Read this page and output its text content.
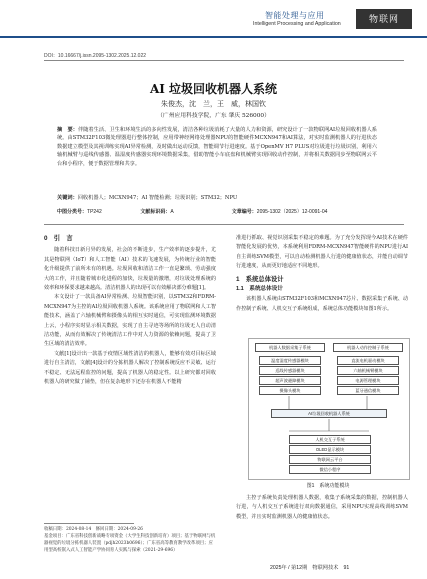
智能处理与应用
Intelligent Processing and Application	物联网
DOI：10.16667/j.issn.2095-1302.2025.12.022
AI 垃圾回收机器人系统
朱俊杰，沈　兰，王　威，林国钦
（广州应用科技学院，广东 肇庆 526000）
摘　要：伴随着生活、卫生和环境生活的多向性发展，清洁各种垃圾消耗了大量的人力和资源，研究设计了一款物联网AI垃圾回收机器人系统。由STM32F103微处理器进行整体控制，应用带神经网络处理器NPU的智能硬件MCXN947和AI算法，对实时监测机器人的行进状态数据建立模型及其视训练实现AI异常检测，及时做出运动反馈，智能调节行进速度。基于OpenMV H7 PLUS对垃圾进行垃圾识别，利用六轴机械臂与巡线传感器、温湿度传感器实现环境数据采集，借助智能小车底盘和机械臂实现回收动作控制，并将相关数据同步至物联网云平台和小程序，便于数据管理和共享。
关键词：回收机器人；MCXN947；AI 智能检测；垃圾识别；STM32；NPU
中图分类号：TP242	文献标识码：A	文章编号：2095-1302（2025）12-0091-04
0　引　言

随着科技日新月异的发展，社会的不断进步，生产效率的逐步提升，尤其是物联网（IoT）和人工智能（AI）技术的飞速发展，为传统行业的智能化升级提供了前所未有的机遇。垃圾回收和清洁工作一直是繁琐、劳动强度大的工作，并且随着城市化进程的加快，垃圾量的激增，对垃圾处理系统的效率和环保要求越来越高。清洁机器人的出现可以有效解决部分难题[1]。

本文设计了一款具备AI异常检测、垃圾智能识别，以STM32和FDRM-MCXN947为主控的AI垃圾回收机器人系统。该系统应用了物联网和人工智能技术，涵盖了六轴机械臂和摄像头的相互实时通信，可实现监测环境数据上云，小程序实时显示相关数据，实现了自主寻迹等场所的垃圾无人自动清洁功能，从而有效解决了传统清洁工作中对人力资源的依赖问题，提高了卫生区域的清洁效率。

文献[1]设计出一款基于疫情区域性清洁的机器人，能够有效对目标区域进行自主清洁，文献[4]设计的分拣机器人解决了控制系统反应不灵敏、运行不稳定、无法远程监控的问题，提高了机器人的稳定性。以上研究都对回收机器人的研究做了铺垫，但在复杂地形下还存在机器人不能精

收稿日期：2024-08-14　修回日期：2024-09-26
基金项目：广东省科技创新战略专项资金（大学生科技创新培育）项目；基于物联网与机器视觉的垃圾分拣机器人装置（pdjh2023b0696）；广东省高等教育教学改革项目；应用型高校嵌入式人工智能产学协同育人实践与探索（2021-29-696）

准进行抓取、视觉识别采集不稳定的难题。为了充分发挥现今AI技术在硬件智能化发展的优势，本系统利用FDRM-MCXN947智能硬件的NPU进行AI自主训练SVM模型，可以自动检测机器人行进的健康值状态，并能自动调节行进速度，从而更好地适应不同地形。

1　系统总体设计
1.1　系统总体设计

该机器人系统由STM32F103和MCXN947芯片、数据采集子系统、动作控制子系统、人机交互子系统组成，系统总体功能模块如图1所示。

机器人数据采集子系统	机器人动作控制子系统
温度湿度传感器模块
巡线传感器模块
超声波避障模块
摄像头模块
直流电机驱动模块
六轴机械臂模块
电源管理模块
蓝牙通信模块
AI垃圾回收机器人系统
人机交互子系统
OLED显示模块
物联网云平台
微信小程序
图1　系统功能模块

主控子系统负责处理机器人数据，收集子系统采集的数据，控制机器人行进，与人机交互子系统进行双向数据通信，采用NPU实现高线训练SVM模型，并且实时监测机器人的健康值状态。

2025年 / 第12期　物联网技术　91
